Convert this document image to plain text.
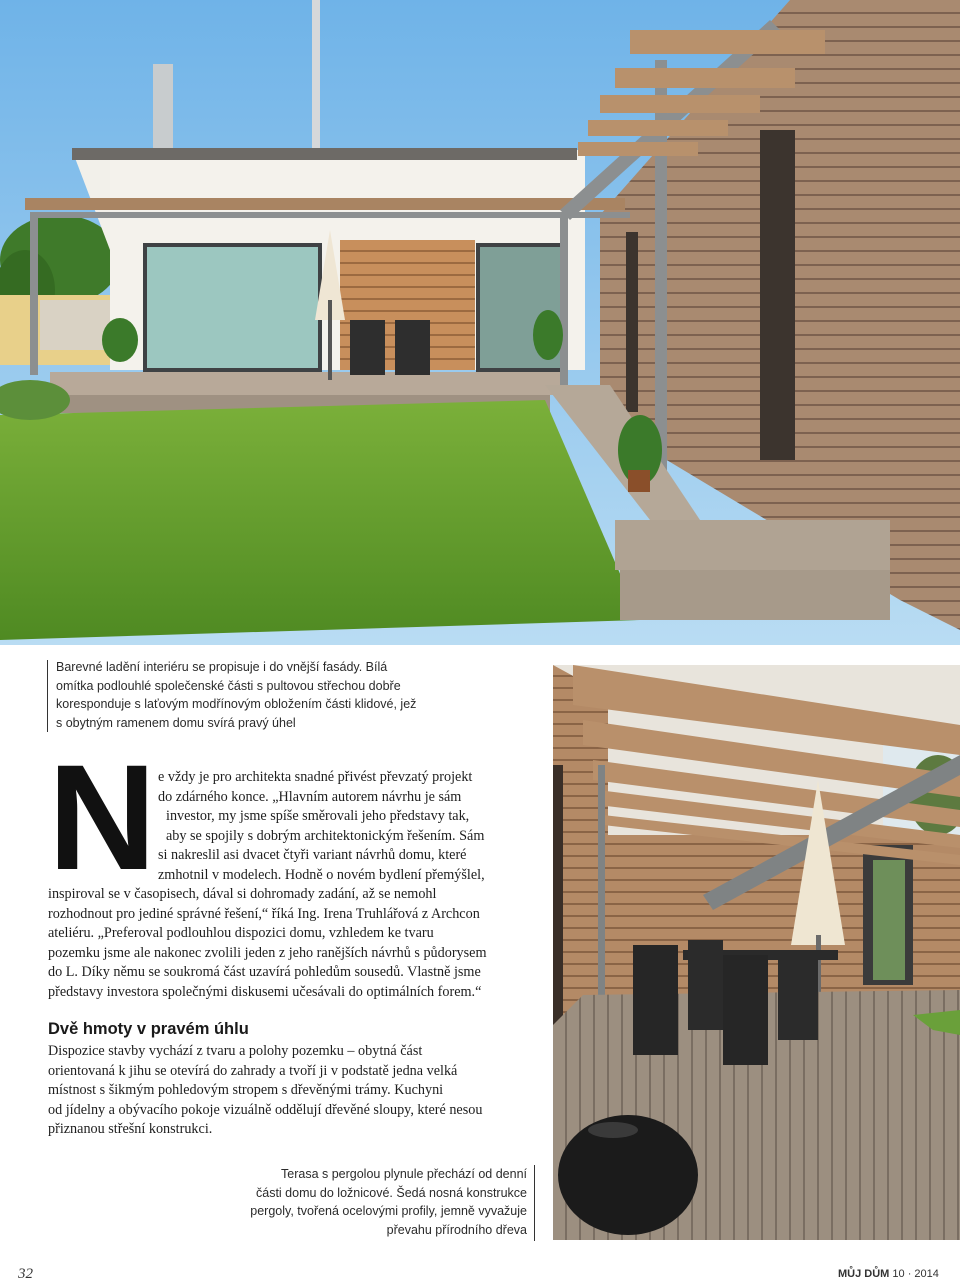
Barevné ladění interiéru se propisuje i do vnější fasády. Bílá
omítka podlouhlé společenské části s pultovou střechou dobře
koresponduje s laťovým modřínovým obložením části klidové, jež
s obytným ramenem domu svírá pravý úhel
N e vždy je pro architekta snadné přivést převzatý projekt
do zdárného konce. „Hlavním autorem návrhu je sám
investor, my jsme spíše směrovali jeho představy tak,
aby se spojily s dobrým architektonickým řešením. Sám
si nakreslil asi dvacet čtyři variant návrhů domu, které
zmhotnil v modelech. Hodně o novém bydlení přemýšlel,
inspiroval se v časopisech, dával si dohromady zadání, až se nemohl
rozhodnout pro jediné správné řešení,“ říká Ing. Irena Truhlářová z Archcon
ateliéru. „Preferoval podlouhlou dispozici domu, vzhledem ke tvaru
pozemku jsme ale nakonec zvolili jeden z jeho ranějších návrhů s půdorysem
do L. Díky němu se soukromá část uzavírá pohledům sousedů. Vlastně jsme
představy investora společnými diskusemi učesávali do optimálních forem.“
Dvě hmoty v pravém úhlu
Dispozice stavby vychází z tvaru a polohy pozemku – obytná část
orientovaná k jihu se otevírá do zahrady a tvoří ji v podstatě jedna velká
místnost s šikmým pohledovým stropem s dřevěnými trámy. Kuchyni
od jídelny a obývacího pokoje vizuálně oddělují dřevěné sloupy, které nesou
přiznanou střešní konstrukci.
Terasa s pergolou plynule přechází od denní
části domu do ložnicové. Šedá nosná konstrukce
pergoly, tvořená ocelovými profily, jemně vyvažuje
převahu přírodního dřeva
32	MŮJ DŮM 10 · 2014
